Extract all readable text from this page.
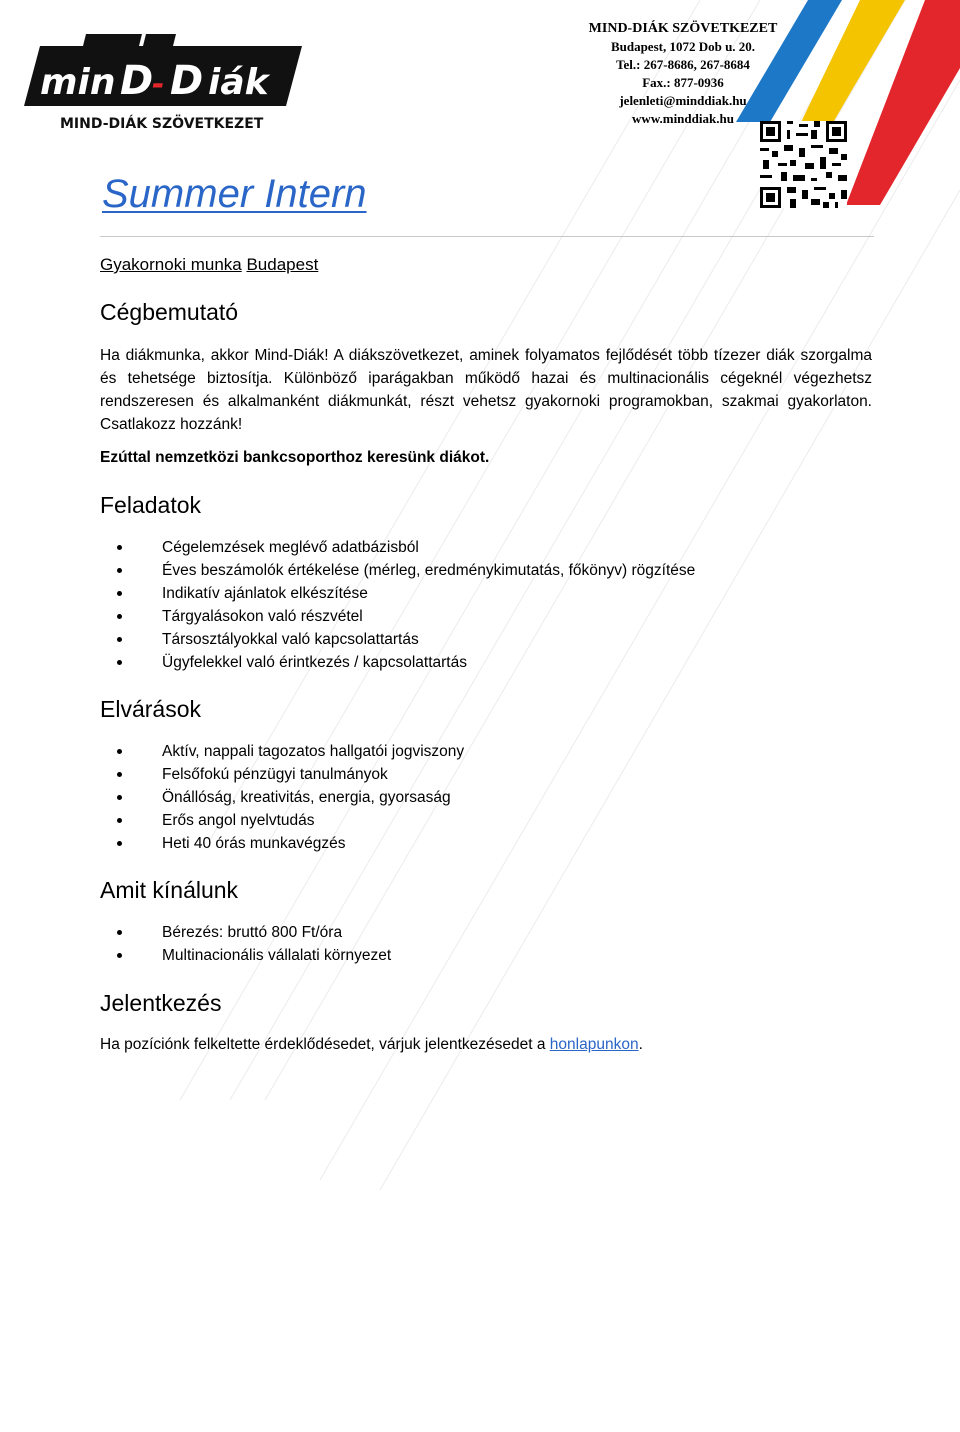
min D
- D iák
MIND-DIÁK SZÖVETKEZET
MIND-DIÁK SZÖVETKEZET
Budapest, 1072 Dob u. 20.
Tel.: 267-8686, 267-8684
Fax.: 877-0936
jelenleti@minddiak.hu
www.minddiak.hu
Summer Intern
Gyakornoki munka Budapest
Cégbemutató

Ha diákmunka, akkor Mind-Diák! A diákszövetkezet, aminek folyamatos fejlődését több tízezer diák szorgalma és tehetsége biztosítja. Különböző iparágakban működő hazai és multinacionális cégeknél végezhetsz rendszeresen és alkalmanként diákmunkát, részt vehetsz gyakornoki programokban, szakmai gyakorlaton. Csatlakozz hozzánk!

Ezúttal nemzetközi bankcsoporthoz keresünk diákot.

Feladatok
Cégelemzések meglévő adatbázisból
Éves beszámolók értékelése (mérleg, eredménykimutatás, főkönyv) rögzítése
Indikatív ajánlatok elkészítése
Tárgyalásokon való részvétel
Társosztályokkal való kapcsolattartás
Ügyfelekkel való érintkezés / kapcsolattartás
Elvárások
Aktív, nappali tagozatos hallgatói jogviszony
Felsőfokú pénzügyi tanulmányok
Önállóság, kreativitás, energia, gyorsaság
Erős angol nyelvtudás
Heti 40 órás munkavégzés
Amit kínálunk
Bérezés: bruttó 800 Ft/óra
Multinacionális vállalati környezet
Jelentkezés

Ha pozíciónk felkeltette érdeklődésedet, várjuk jelentkezésedet a honlapunkon.
